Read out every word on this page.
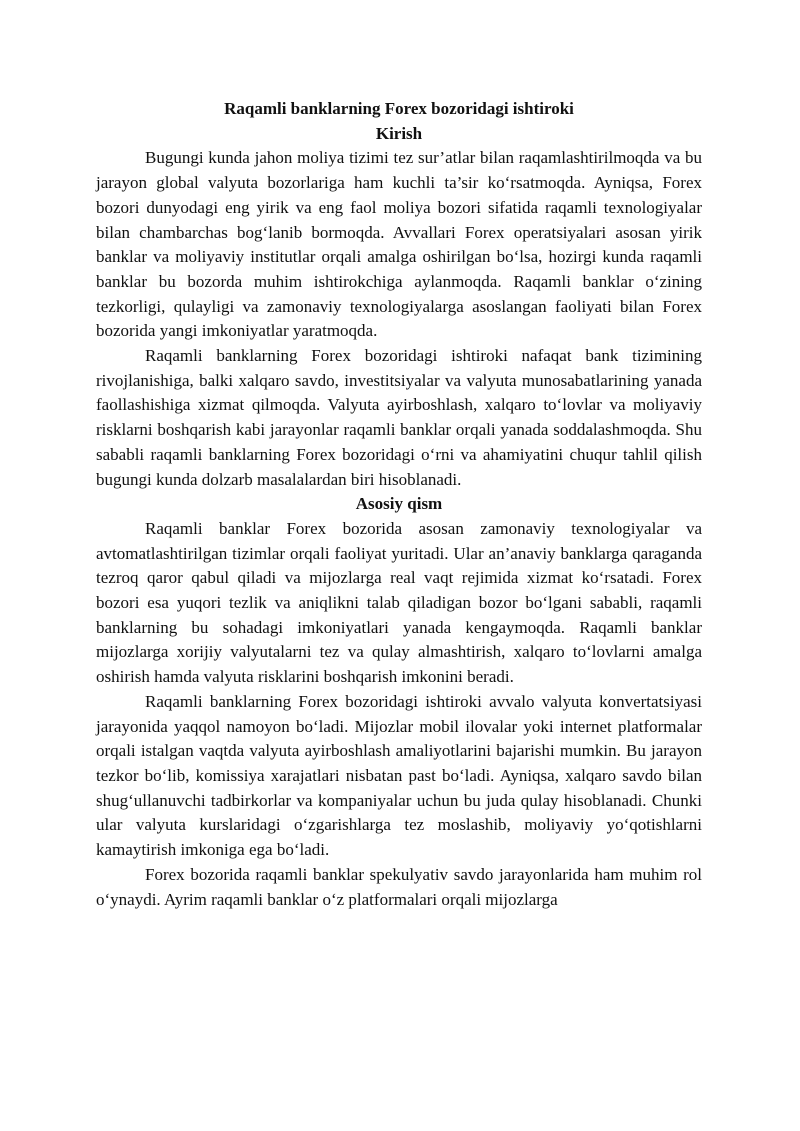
Raqamli banklarning Forex bozoridagi ishtiroki

Kirish

Bugungi kunda jahon moliya tizimi tez sur’atlar bilan raqamlashtirilmoqda va bu jarayon global valyuta bozorlariga ham kuchli ta’sir ko‘rsatmoqda. Ayniqsa, Forex bozori dunyodagi eng yirik va eng faol moliya bozori sifatida raqamli texnologiyalar bilan chambarchas bog‘lanib bormoqda. Avvallari Forex operatsiyalari asosan yirik banklar va moliyaviy institutlar orqali amalga oshirilgan bo‘lsa, hozirgi kunda raqamli banklar bu bozorda muhim ishtirokchiga aylanmoqda. Raqamli banklar o‘zining tezkorligi, qulayligi va zamonaviy texnologiyalarga asoslangan faoliyati bilan Forex bozorida yangi imkoniyatlar yaratmoqda.

Raqamli banklarning Forex bozoridagi ishtiroki nafaqat bank tizimining rivojlanishiga, balki xalqaro savdo, investitsiyalar va valyuta munosabatlarining yanada faollashishiga xizmat qilmoqda. Valyuta ayirboshlash, xalqaro to‘lovlar va moliyaviy risklarni boshqarish kabi jarayonlar raqamli banklar orqali yanada soddalashmoqda. Shu sababli raqamli banklarning Forex bozoridagi o‘rni va ahamiyatini chuqur tahlil qilish bugungi kunda dolzarb masalalardan biri hisoblanadi.

Asosiy qism

Raqamli banklar Forex bozorida asosan zamonaviy texnologiyalar va avtomatlashtirilgan tizimlar orqali faoliyat yuritadi. Ular an’anaviy banklarga qaraganda tezroq qaror qabul qiladi va mijozlarga real vaqt rejimida xizmat ko‘rsatadi. Forex bozori esa yuqori tezlik va aniqlikni talab qiladigan bozor bo‘lgani sababli, raqamli banklarning bu sohadagi imkoniyatlari yanada kengaymoqda. Raqamli banklar mijozlarga xorijiy valyutalarni tez va qulay almashtirish, xalqaro to‘lovlarni amalga oshirish hamda valyuta risklarini boshqarish imkonini beradi.

Raqamli banklarning Forex bozoridagi ishtiroki avvalo valyuta konvertatsiyasi jarayonida yaqqol namoyon bo‘ladi. Mijozlar mobil ilovalar yoki internet platformalar orqali istalgan vaqtda valyuta ayirboshlash amaliyotlarini bajarishi mumkin. Bu jarayon tezkor bo‘lib, komissiya xarajatlari nisbatan past bo‘ladi. Ayniqsa, xalqaro savdo bilan shug‘ullanuvchi tadbirkorlar va kompaniyalar uchun bu juda qulay hisoblanadi. Chunki ular valyuta kurslaridagi o‘zgarishlarga tez moslashib, moliyaviy yo‘qotishlarni kamaytirish imkoniga ega bo‘ladi.

Forex bozorida raqamli banklar spekulyativ savdo jarayonlarida ham muhim rol o‘ynaydi. Ayrim raqamli banklar o‘z platformalari orqali mijozlarga
